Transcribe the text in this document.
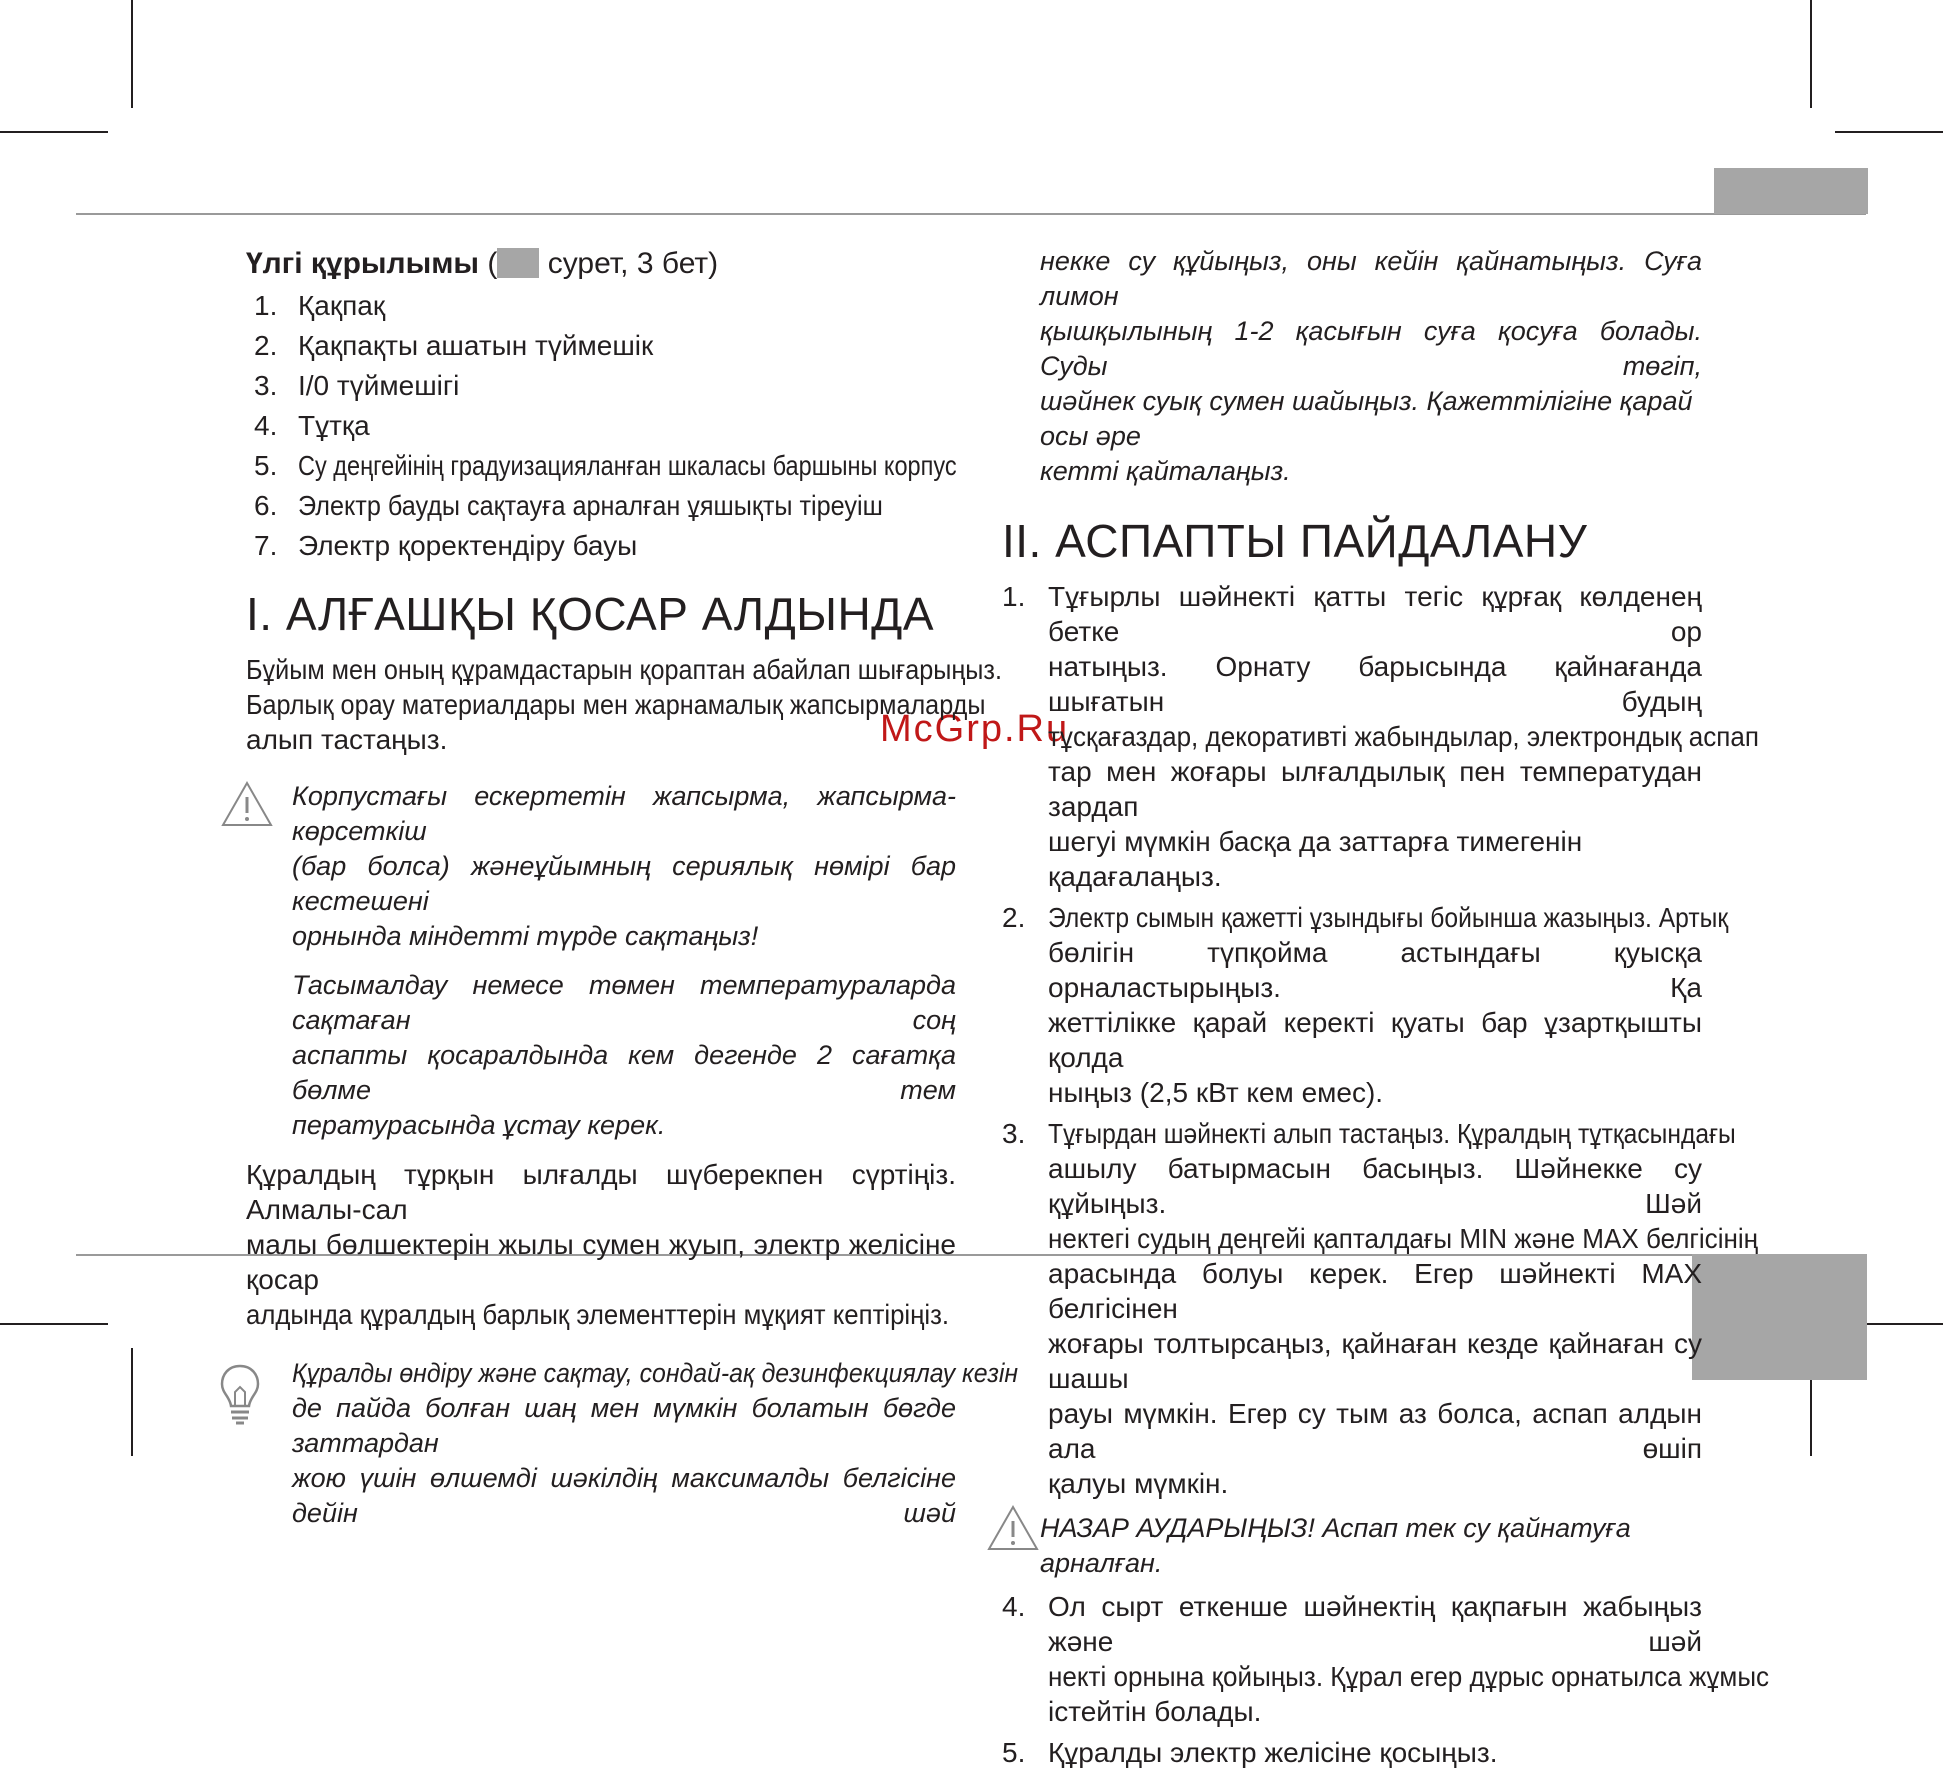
McGrp.Ru

Үлгі құрылымы ( сурет, 3 бет)

1. Қақпақ
2. Қақпақты ашатын түймешік
3. I/0 түймешігі
4. Тұтқа
5. Су деңгейінің градуизацияланған шкаласы баршыны корпус
6. Электр бауды сақтауға арналған ұяшықты тіреуіш
7. Электр қоректендіру бауы
I. АЛҒАШҚЫ ҚОСАР АЛДЫНДА

Бұйым мен оның құрамдастарын қораптан абайлап шығарыңыз.

Барлық орау материалдары мен жарнамалық жапсырмаларды

алып тастаңыз.

Корпустағы ескертетін жапсырма, жапсырма-көрсеткіш

(бар болса) жәнеұйымның сериялық нөмірі бар кестешені

орнында міндетті түрде сақтаңыз!

Тасымалдау немесе төмен температураларда сақтаған соң

аспапты қосаралдында кем дегенде 2 сағатқа бөлме тем

пературасында ұстау керек.

Құралдың тұрқын ылғалды шүберекпен сүртіңіз. Алмалы-сал

малы бөлшектерін жылы сумен жуып, электр желісіне қосар

алдында құралдың барлық элементтерін мұқият кептіріңіз.

Құралды өндіру және сақтау, сондай-ақ дезинфекциялау кезін

де пайда болған шаң мен мүмкін болатын бөгде заттардан

жою үшін өлшемді шәкілдің максималды белгісіне дейін шәй

некке су құйыңыз, оны кейін қайнатыңыз. Суға лимон

қышқылының 1-2 қасығын суға қосуға болады. Суды төгіп,

шәйнек суық сумен шайыңыз. Қажеттілігіне қарай осы әре

кетті қайталаңыз.

II. АСПАПТЫ ПАЙДАЛАНУ
1. Тұғырлы шәйнекті қатты тегіс құрғақ көлденең бетке ор

натыңыз. Орнату барысында қайнағанда шығатын будың

тұсқағаздар, декоративті жабындылар, электрондық аспап

тар мен жоғары ылғалдылық пен температудан зардап

шегуі мүмкін басқа да заттарға тимегенін қадағалаңыз.

2. Электр сымын қажетті ұзындығы бойынша жазыңыз. Артық

бөлігін түпқойма астындағы қуысқа орналастырыңыз. Қа

жеттілікке қарай керекті қуаты бар ұзартқышты қолда

ныңыз (2,5 кВт кем емес).

3. Тұғырдан шәйнекті алып тастаңыз. Құралдың тұтқасындағы

ашылу батырмасын басыңыз. Шәйнекке су құйыңыз. Шәй

нектегі судың деңгейі қапталдағы MIN және MAX белгісінің

арасында болуы керек. Егер шәйнекті MAX белгісінен

жоғары толтырсаңыз, қайнаған кезде қайнаған су шашы

рауы мүмкін. Егер су тым аз болса, аспап алдын ала өшіп

қалуы мүмкін.

НАЗАР АУДАРЫҢЫЗ! Аспап тек су қайнатуға арналған.

4. Ол сырт еткенше шәйнектің қақпағын жабыңыз және шәй

некті орнына қойыңыз. Құрал егер дұрыс орнатылса жұмыс

істейтін болады.

5. Құралды электр желісіне қосыңыз.
